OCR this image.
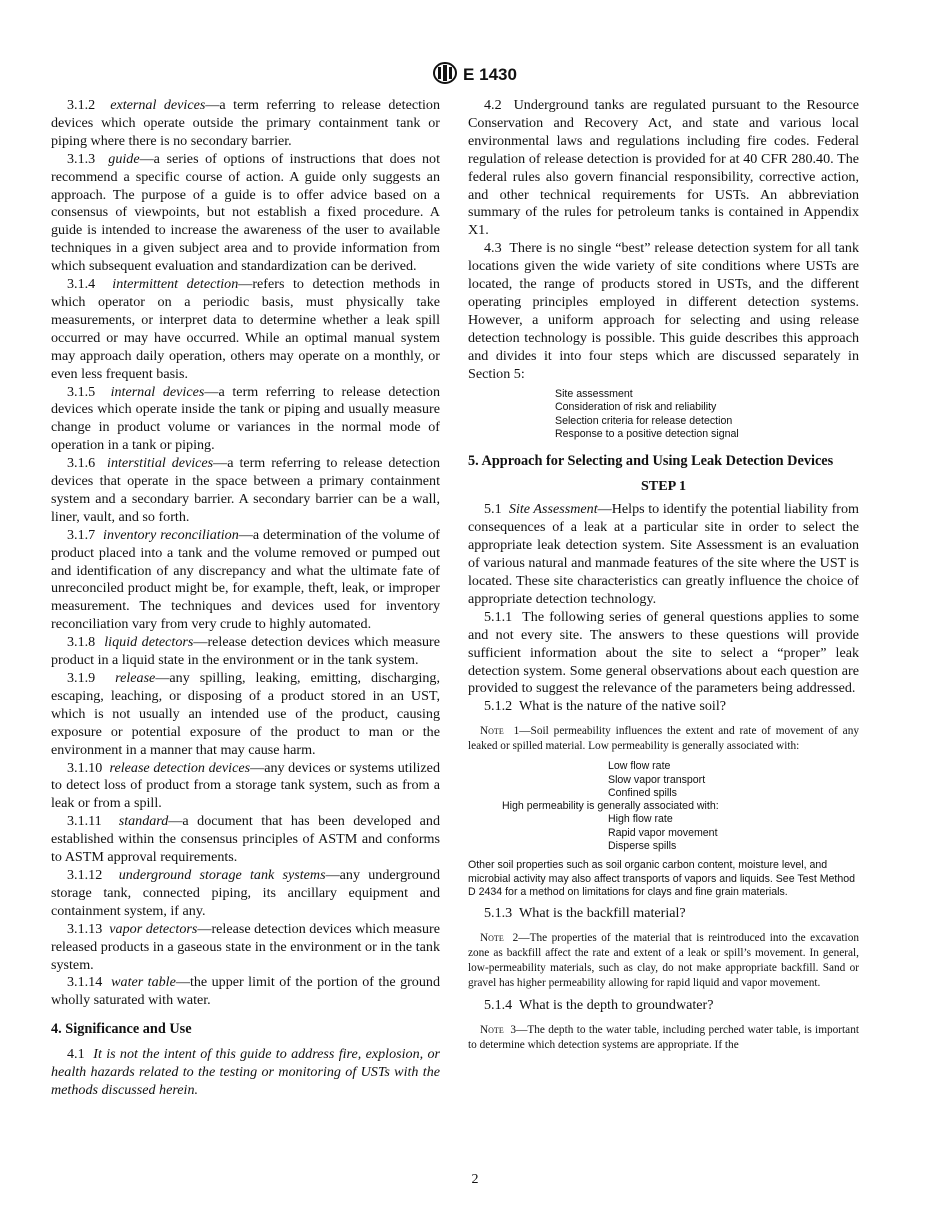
E 1430

3.1.2 external devices—a term referring to release detection devices which operate outside the primary containment tank or piping where there is no secondary barrier.

3.1.3 guide—a series of options of instructions that does not recommend a specific course of action. A guide only suggests an approach. The purpose of a guide is to offer advice based on a consensus of viewpoints, but not establish a fixed procedure. A guide is intended to increase the awareness of the user to available techniques in a given subject area and to provide information from which subsequent evaluation and standardization can be derived.

3.1.4 intermittent detection—refers to detection methods in which operator on a periodic basis, must physically take measurements, or interpret data to determine whether a leak spill occurred or may have occurred. While an optimal manual system may approach daily operation, others may operate on a monthly, or even less frequent basis.

3.1.5 internal devices—a term referring to release detection devices which operate inside the tank or piping and usually measure change in product volume or variances in the normal mode of operation in a tank or piping.

3.1.6 interstitial devices—a term referring to release detection devices that operate in the space between a primary containment system and a secondary barrier. A secondary barrier can be a wall, liner, vault, and so forth.

3.1.7 inventory reconciliation—a determination of the volume of product placed into a tank and the volume removed or pumped out and identification of any discrepancy and what the ultimate fate of unreconciled product might be, for example, theft, leak, or improper measurement. The techniques and devices used for inventory reconciliation vary from very crude to highly automated.

3.1.8 liquid detectors—release detection devices which measure product in a liquid state in the environment or in the tank system.

3.1.9 release—any spilling, leaking, emitting, discharging, escaping, leaching, or disposing of a product stored in an UST, which is not usually an intended use of the product, causing exposure or potential exposure of the product to man or the environment in a manner that may cause harm.

3.1.10 release detection devices—any devices or systems utilized to detect loss of product from a storage tank system, such as from a leak or from a spill.

3.1.11 standard—a document that has been developed and established within the consensus principles of ASTM and conforms to ASTM approval requirements.

3.1.12 underground storage tank systems—any underground storage tank, connected piping, its ancillary equipment and containment system, if any.

3.1.13 vapor detectors—release detection devices which measure released products in a gaseous state in the environment or in the tank system.

3.1.14 water table—the upper limit of the portion of the ground wholly saturated with water.

4. Significance and Use

4.1 It is not the intent of this guide to address fire, explosion, or health hazards related to the testing or monitoring of USTs with the methods discussed herein.

4.2 Underground tanks are regulated pursuant to the Resource Conservation and Recovery Act, and state and various local environmental laws and regulations including fire codes. Federal regulation of release detection is provided for at 40 CFR 280.40. The federal rules also govern financial responsibility, corrective action, and other technical requirements for USTs. An abbreviation summary of the rules for petroleum tanks is contained in Appendix X1.

4.3 There is no single “best” release detection system for all tank locations given the wide variety of site conditions where USTs are located, the range of products stored in USTs, and the different operating principles employed in different detection systems. However, a uniform approach for selecting and using release detection technology is possible. This guide describes this approach and divides it into four steps which are discussed separately in Section 5:

Site assessment
Consideration of risk and reliability
Selection criteria for release detection
Response to a positive detection signal
5. Approach for Selecting and Using Leak Detection Devices
STEP 1

5.1 Site Assessment—Helps to identify the potential liability from consequences of a leak at a particular site in order to select the appropriate leak detection system. Site Assessment is an evaluation of various natural and manmade features of the site where the UST is located. These site characteristics can greatly influence the choice of appropriate detection technology.

5.1.1 The following series of general questions applies to some and not every site. The answers to these questions will provide sufficient information about the site to select a “proper” leak detection system. Some general observations about each question are provided to suggest the relevance of the parameters being addressed.

5.1.2 What is the nature of the native soil?

Note 1—Soil permeability influences the extent and rate of movement of any leaked or spilled material. Low permeability is generally associated with:

Low flow rate
Slow vapor transport
Confined spills
High permeability is generally associated with:
High flow rate
Rapid vapor movement
Disperse spills
Other soil properties such as soil organic carbon content, moisture level, and microbial activity may also affect transports of vapors and liquids. See Test Method D 2434 for a method on limitations for clays and fine grain materials.

5.1.3 What is the backfill material?

Note 2—The properties of the material that is reintroduced into the excavation zone as backfill affect the rate and extent of a leak or spill’s movement. In general, low-permeability materials, such as clay, do not make appropriate backfill. Sand or gravel has higher permeability allowing for rapid liquid and vapor movement.

5.1.4 What is the depth to groundwater?

Note 3—The depth to the water table, including perched water table, is important to determine which detection systems are appropriate. If the

2
